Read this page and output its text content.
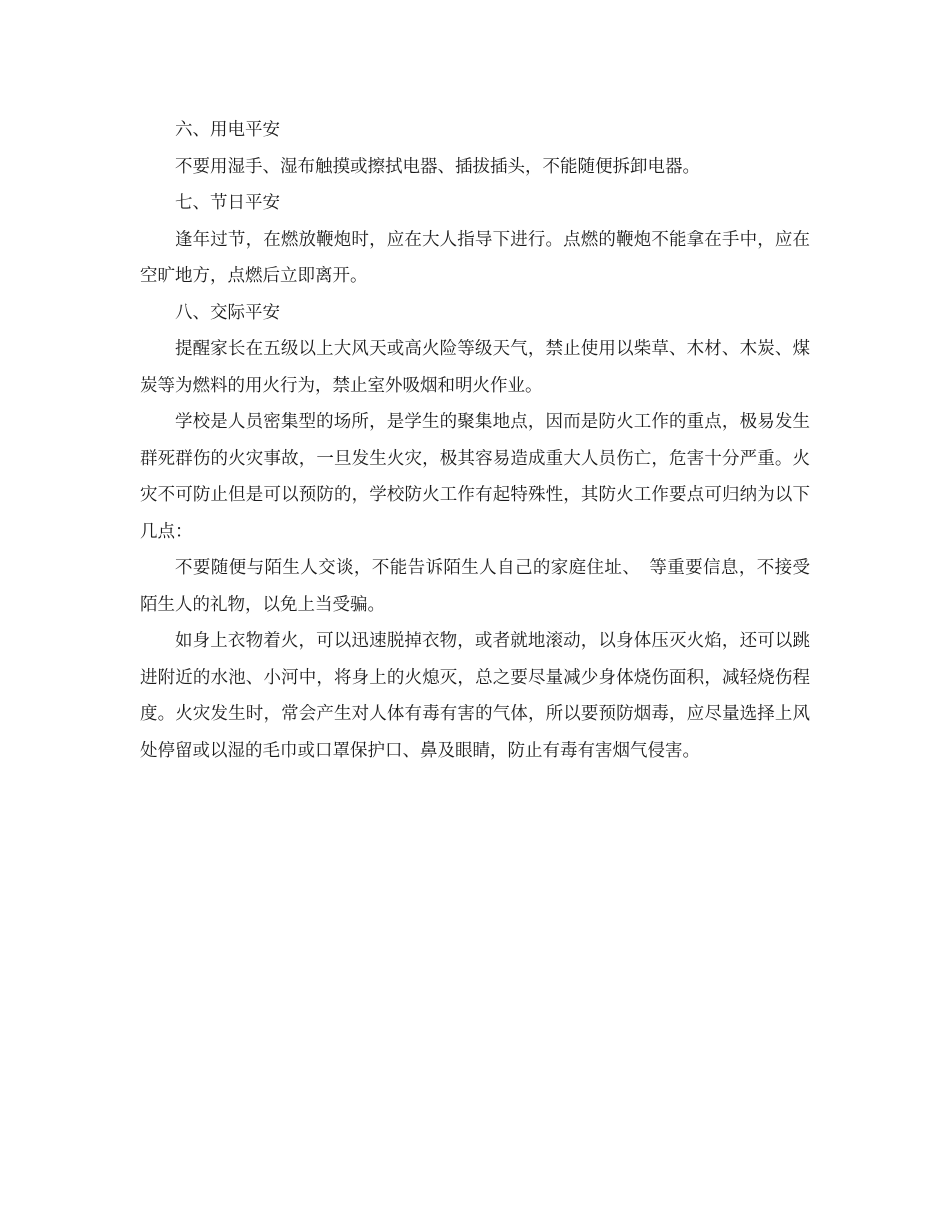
六、用电平安

不要用湿手、湿布触摸或擦拭电器、插拔插头，不能随便拆卸电器。

七、节日平安

逢年过节，在燃放鞭炮时，应在大人指导下进行。点燃的鞭炮不能拿在手中，应在空旷地方，点燃后立即离开。

八、交际平安

提醒家长在五级以上大风天或高火险等级天气，禁止使用以柴草、木材、木炭、煤炭等为燃料的用火行为，禁止室外吸烟和明火作业。

学校是人员密集型的场所，是学生的聚集地点，因而是防火工作的重点，极易发生群死群伤的火灾事故，一旦发生火灾，极其容易造成重大人员伤亡，危害十分严重。火灾不可防止但是可以预防的，学校防火工作有起特殊性，其防火工作要点可归纳为以下几点：

不要随便与陌生人交谈，不能告诉陌生人自己的家庭住址、　等重要信息，不接受陌生人的礼物，以免上当受骗。

如身上衣物着火，可以迅速脱掉衣物，或者就地滚动，以身体压灭火焰，还可以跳进附近的水池、小河中，将身上的火熄灭，总之要尽量减少身体烧伤面积，减轻烧伤程度。火灾发生时，常会产生对人体有毒有害的气体，所以要预防烟毒，应尽量选择上风处停留或以湿的毛巾或口罩保护口、鼻及眼睛，防止有毒有害烟气侵害。
